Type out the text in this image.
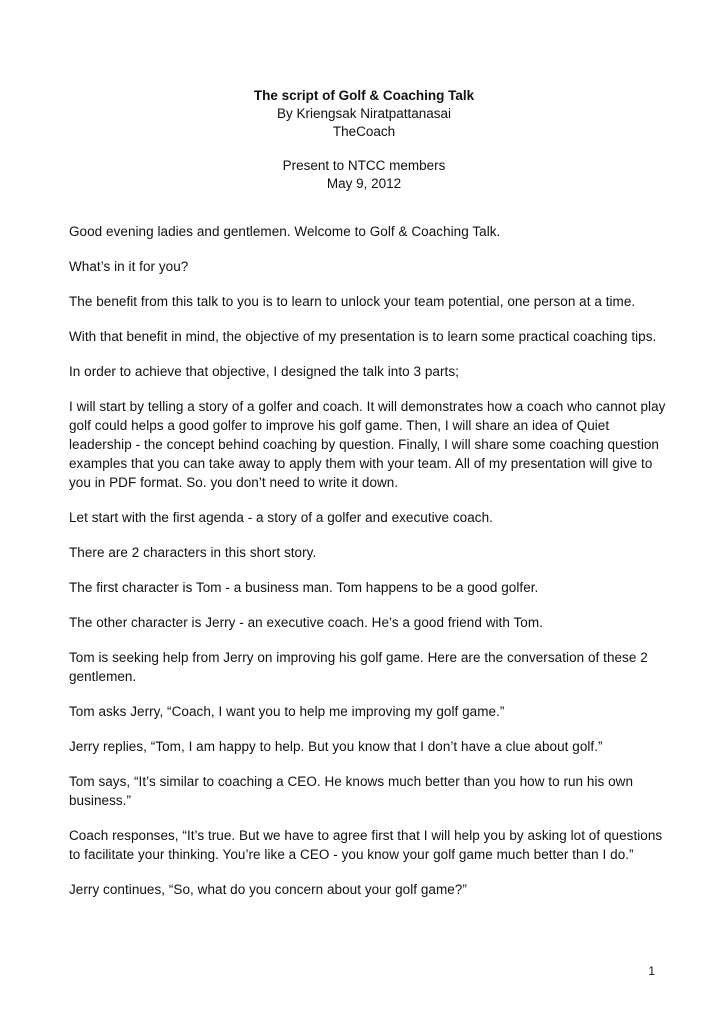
The script of Golf & Coaching Talk
By Kriengsak Niratpattanasai
TheCoach
Present to NTCC members
May 9, 2012

Good evening ladies and gentlemen. Welcome to Golf & Coaching Talk.

What’s in it for you?

The benefit from this talk to you is to learn to unlock your team potential, one person at a time.

With that benefit in mind, the objective of my presentation is to learn some practical coaching tips.

In order to achieve that objective, I designed the talk into 3 parts;

I will start by telling a story of a golfer and coach. It will demonstrates how a coach who cannot play golf could helps a good golfer to improve his golf game. Then, I will share an idea of Quiet leadership - the concept behind coaching by question. Finally, I will share some coaching question examples that you can take away to apply them with your team. All of my presentation will give to you in PDF format. So. you don’t need to write it down.

Let start with the first agenda - a story of a golfer and executive coach.

There are 2 characters in this short story.

The first character is Tom - a business man. Tom happens to be a good golfer.

The other character is Jerry - an executive coach. He’s a good friend with Tom.

Tom is seeking help from Jerry on improving his golf game. Here are the conversation of these 2 gentlemen.

Tom asks Jerry, “Coach, I want you to help me improving my golf game.”

Jerry replies, “Tom, I am happy to help. But you know that I don’t have a clue about golf.”

Tom says, “It’s similar to coaching a CEO. He knows much better than you how to run his own business.”

Coach responses, “It’s true. But we have to agree first that I will help you by asking lot of questions to facilitate your thinking. You’re like a CEO - you know your golf game much better than I do.”

Jerry continues, “So, what do you concern about your golf game?”

1
